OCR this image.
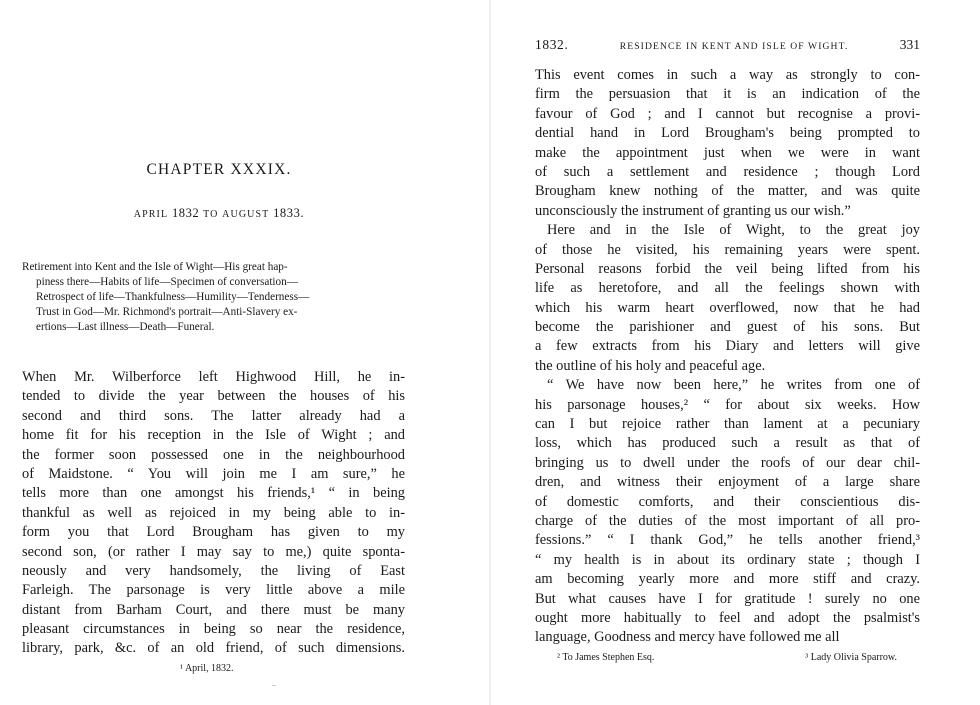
CHAPTER XXXIX.
APRIL 1832 TO AUGUST 1833.
Retirement into Kent and the Isle of Wight—His great hap-
piness there—Habits of life—Specimen of conversation—
Retrospect of life—Thankfulness—Humility—Tenderness—
Trust in God—Mr. Richmond's portrait—Anti-Slavery ex-
ertions—Last illness—Death—Funeral.
When Mr. Wilberforce left Highwood Hill, he in-
tended to divide the year between the houses of his
second and third sons. The latter already had a
home fit for his reception in the Isle of Wight ; and
the former soon possessed one in the neighbourhood
of Maidstone. “ You will join me I am sure,” he
tells more than one amongst his friends,¹ “ in being
thankful as well as rejoiced in my being able to in-
form you that Lord Brougham has given to my
second son, (or rather I may say to me,) quite sponta-
neously and very handsomely, the living of East
Farleigh. The parsonage is very little above a mile
distant from Barham Court, and there must be many
pleasant circumstances in being so near the residence,
library, park, &c. of an old friend, of such dimensions.
¹ April, 1832.
1832.	RESIDENCE IN KENT AND ISLE OF WIGHT.	331
This event comes in such a way as strongly to con-
firm the persuasion that it is an indication of the
favour of God ; and I cannot but recognise a provi-
dential hand in Lord Brougham's being prompted to
make the appointment just when we were in want
of such a settlement and residence ; though Lord
Brougham knew nothing of the matter, and was quite
unconsciously the instrument of granting us our wish.”
Here and in the Isle of Wight, to the great joy
of those he visited, his remaining years were spent.
Personal reasons forbid the veil being lifted from his
life as heretofore, and all the feelings shown with
which his warm heart overflowed, now that he had
become the parishioner and guest of his sons. But
a few extracts from his Diary and letters will give
the outline of his holy and peaceful age.
“ We have now been here,” he writes from one of
his parsonage houses,² “ for about six weeks. How
can I but rejoice rather than lament at a pecuniary
loss, which has produced such a result as that of
bringing us to dwell under the roofs of our dear chil-
dren, and witness their enjoyment of a large share
of domestic comforts, and their conscientious dis-
charge of the duties of the most important of all pro-
fessions.” “ I thank God,” he tells another friend,³
“ my health is in about its ordinary state ; though I
am becoming yearly more and more stiff and crazy.
But what causes have I for gratitude ! surely no one
ought more habitually to feel and adopt the psalmist's
language, Goodness and mercy have followed me all
² To James Stephen Esq.	³ Lady Olivia Sparrow.
